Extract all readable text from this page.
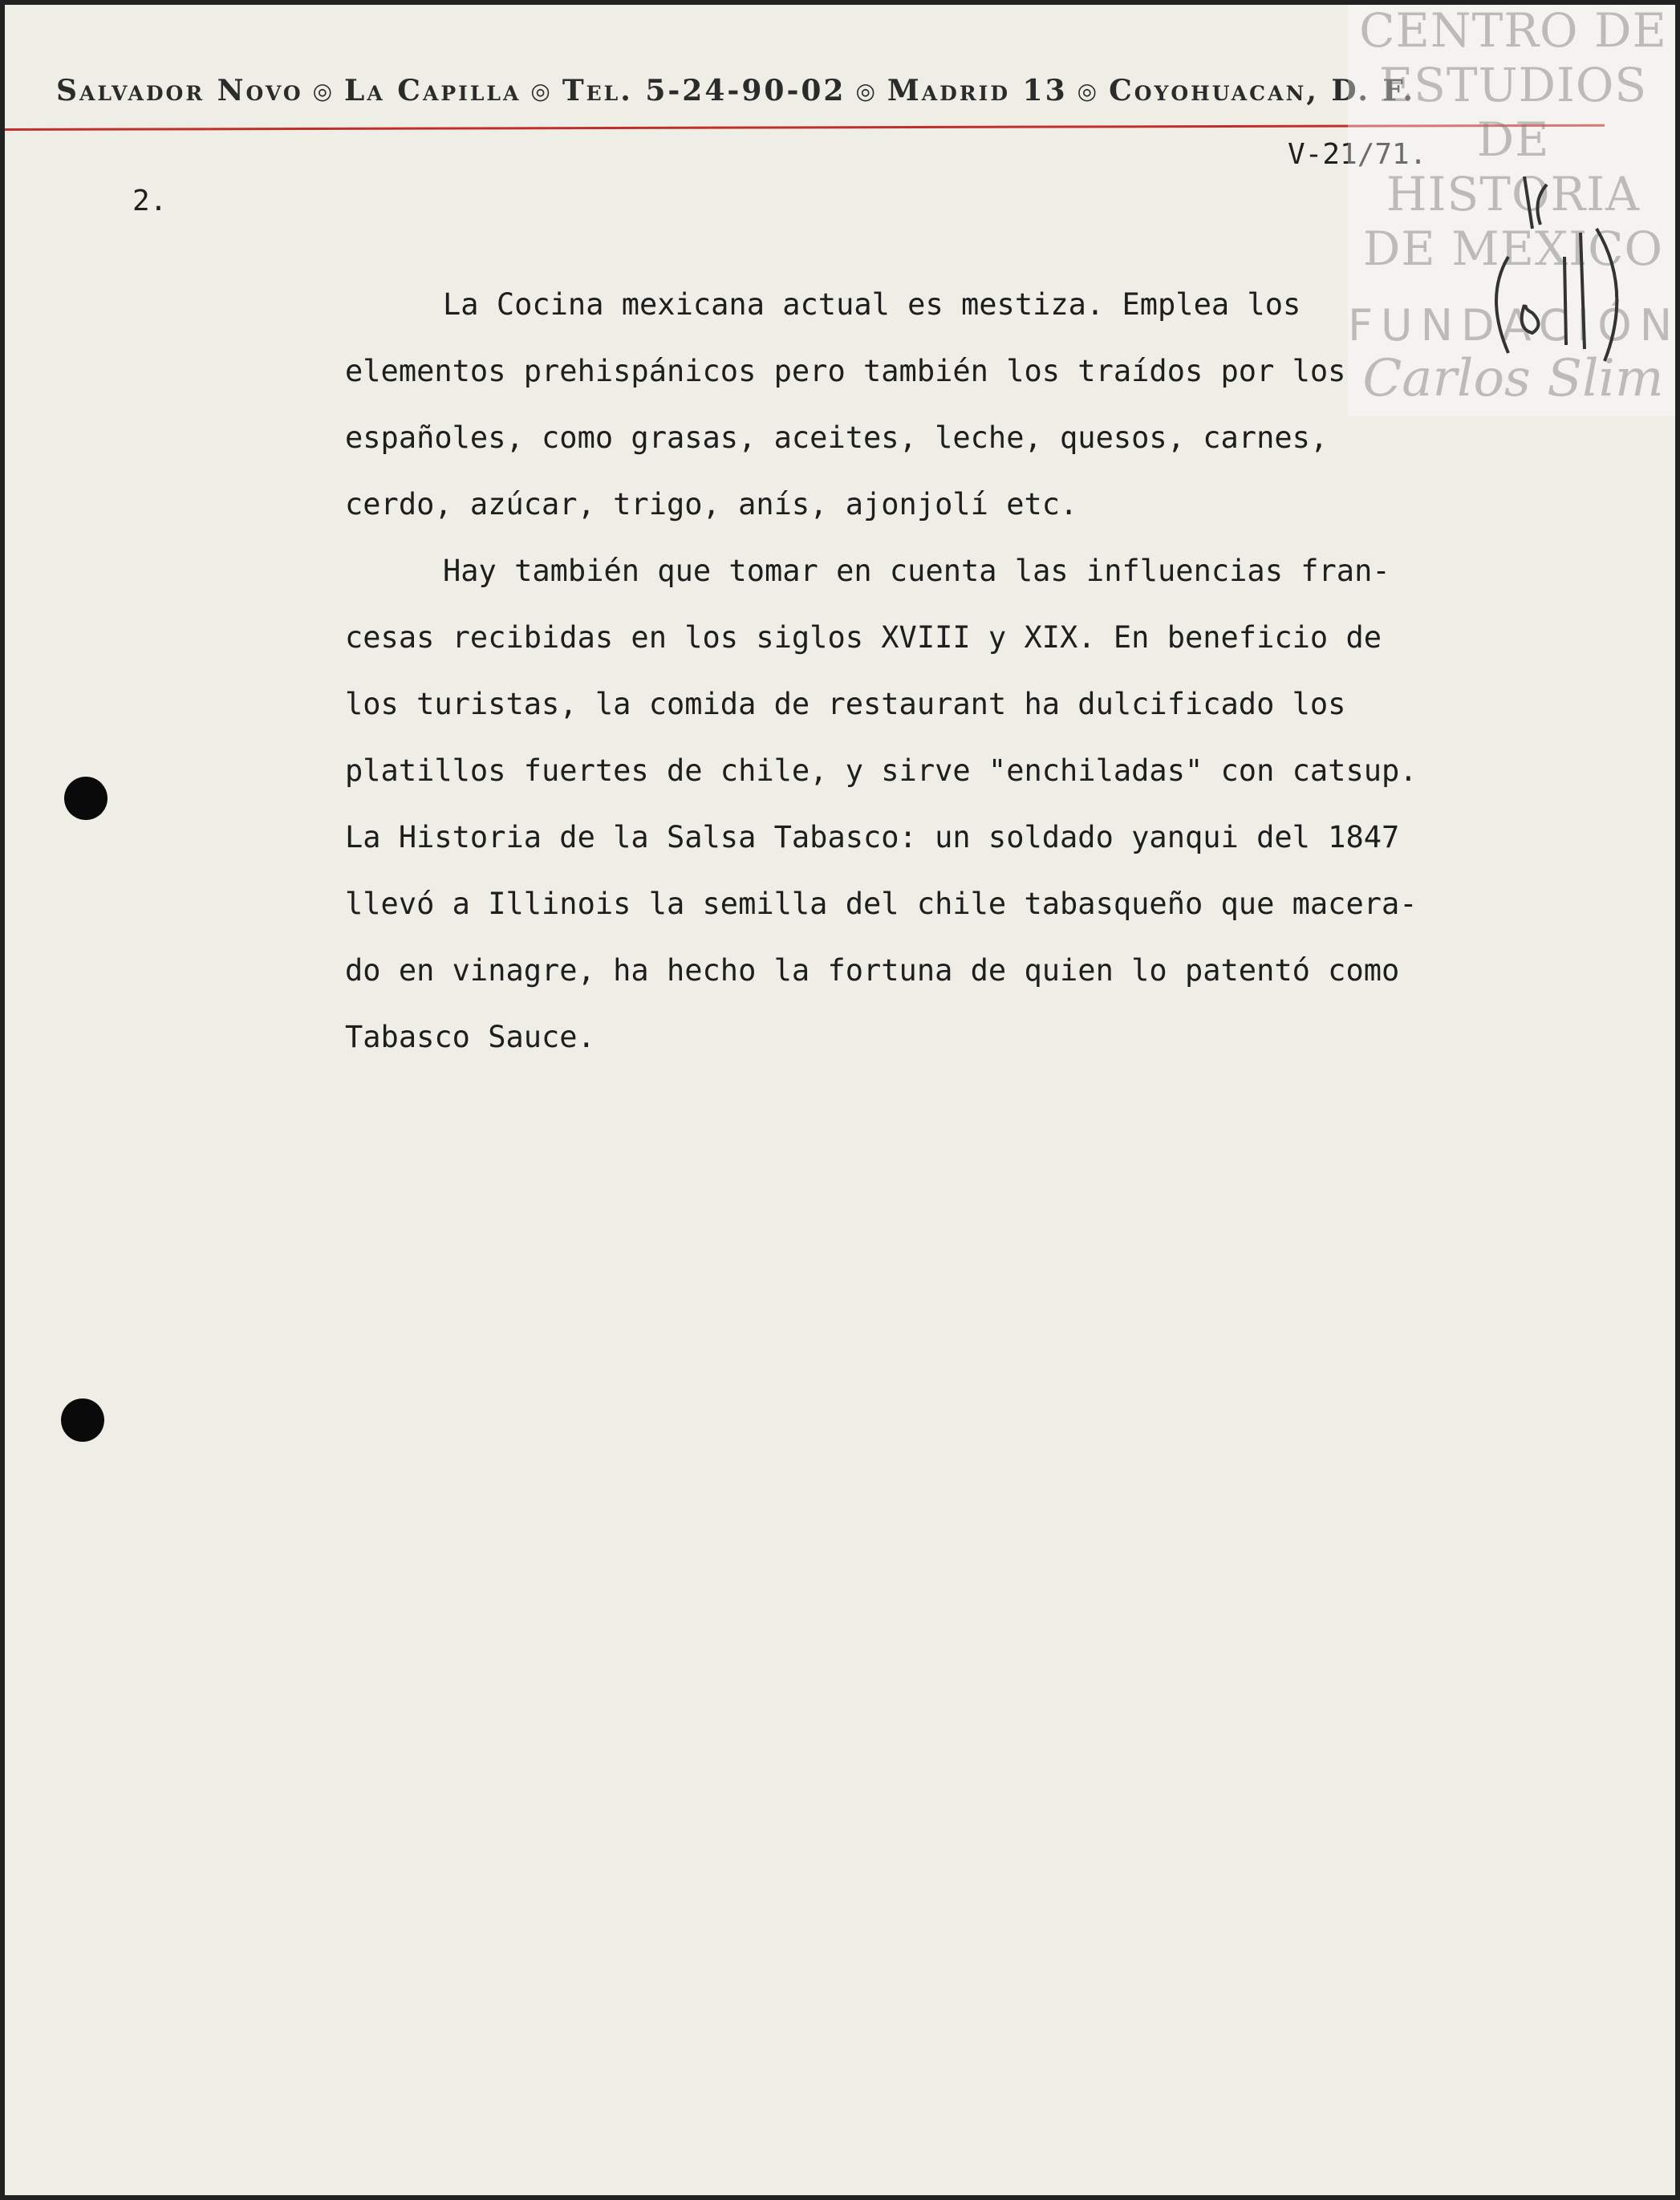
Salvador Novo ◎ La Capilla ◎ Tel. 5-24-90-02 ◎ Madrid 13 ◎ Coyohuacan, D. F.
V-21/71.
2.
La Cocina mexicana actual es mestiza. Emplea los
elementos prehispánicos pero también los traídos por los
españoles, como grasas, aceites, leche, quesos, carnes,
cerdo, azúcar, trigo, anís, ajonjolí etc.
Hay también que tomar en cuenta las influencias fran-
cesas recibidas en los siglos XVIII y XIX. En beneficio de
los turistas, la comida de restaurant ha dulcificado los
platillos fuertes de chile, y sirve "enchiladas" con catsup.
La Historia de la Salsa Tabasco: un soldado yanqui del 1847
llevó a Illinois la semilla del chile tabasqueño que macera-
do en vinagre, ha hecho la fortuna de quien lo patentó como
Tabasco Sauce.
CENTRO DE
ESTUDIOS
DE HISTORIA
DE MEXICO
FUNDACIÓN
Carlos Slim
